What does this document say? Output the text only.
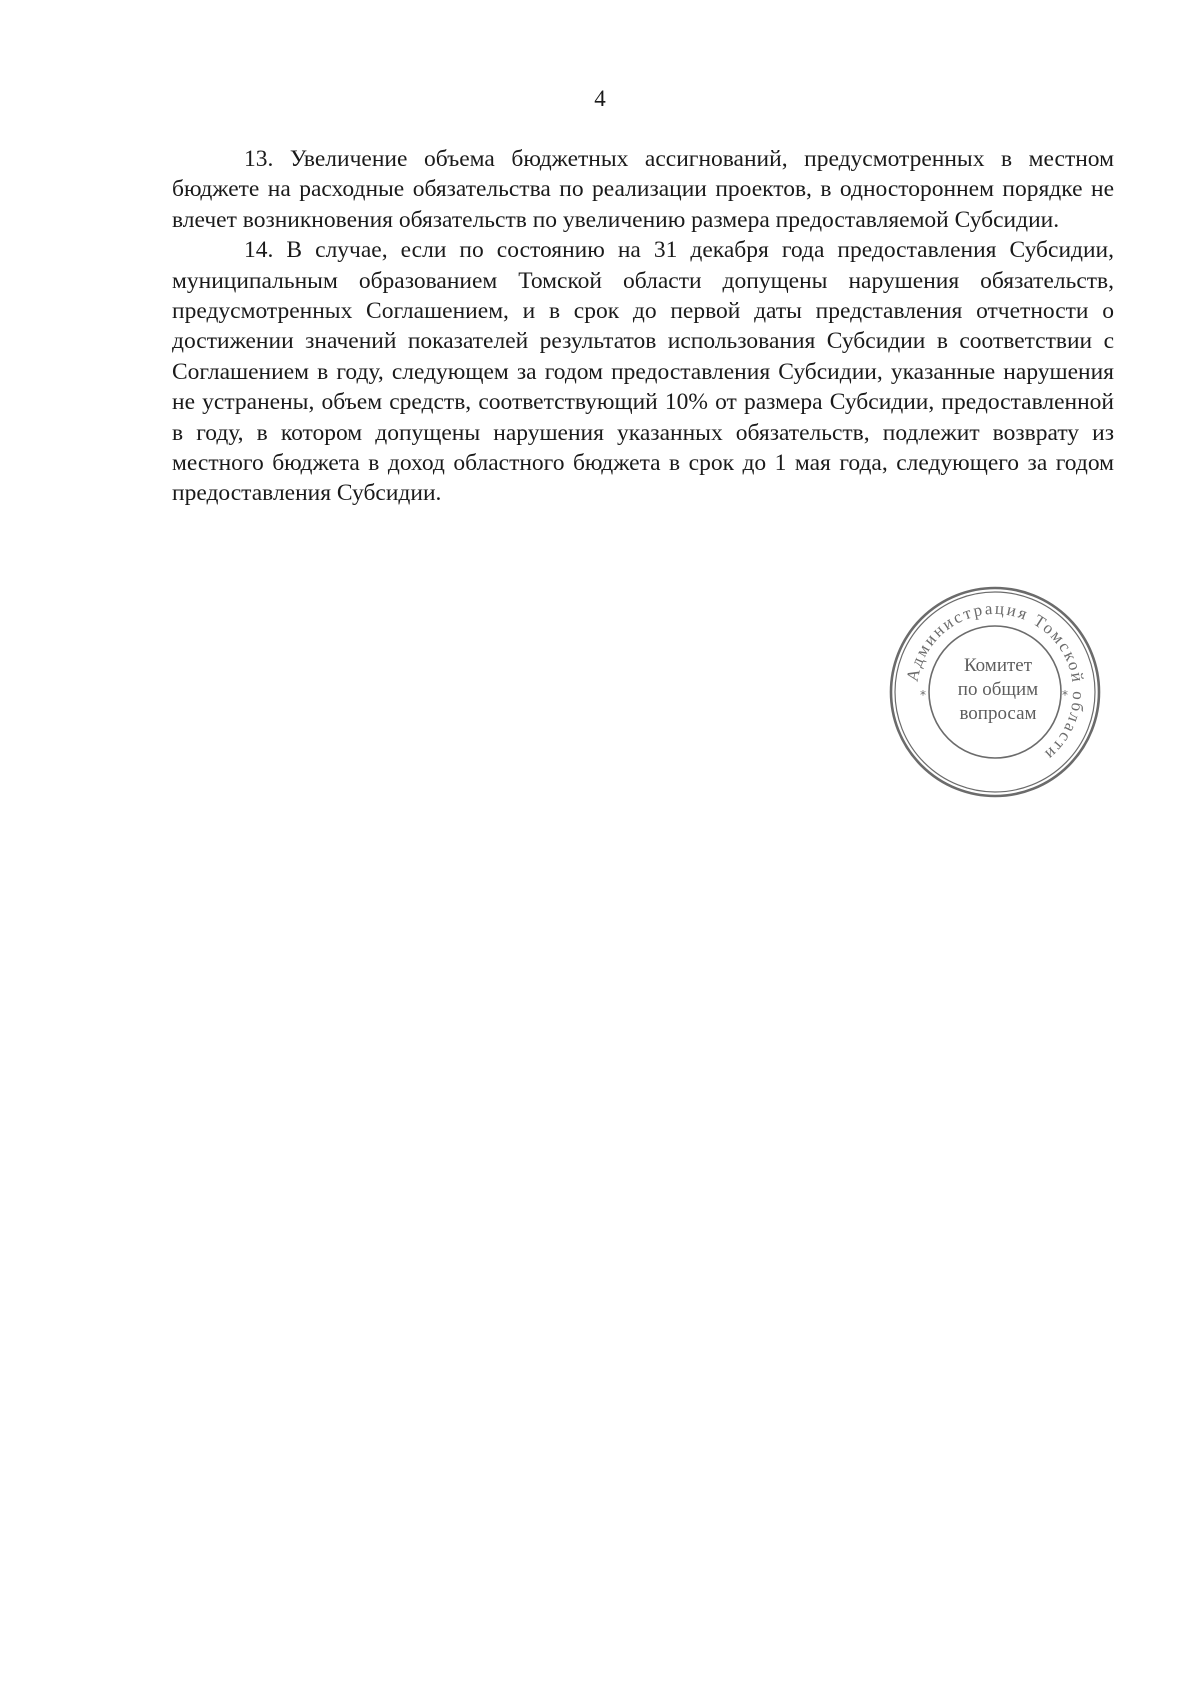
4

13. Увеличение объема бюджетных ассигнований, предусмотренных в местном бюджете на расходные обязательства по реализации проектов, в одностороннем порядке не влечет возникновения обязательств по увеличению размера предоставляемой Субсидии.

14. В случае, если по состоянию на 31 декабря года предоставления Субсидии, муниципальным образованием Томской области допущены нарушения обязательств, предусмотренных Соглашением, и в срок до первой даты представления отчетности о достижении значений показателей результатов использования Субсидии в соответствии с Соглашением в году, следующем за годом предоставления Субсидии, указанные нарушения не устранены, объем средств, соответствующий 10% от размера Субсидии, предоставленной в году, в котором допущены нарушения указанных обязательств, подлежит возврату из местного бюджета в доход областного бюджета в срок до 1 мая года, следующего за годом предоставления Субсидии.

Администрация Томской области
*	*
Комитет
по общим
вопросам
